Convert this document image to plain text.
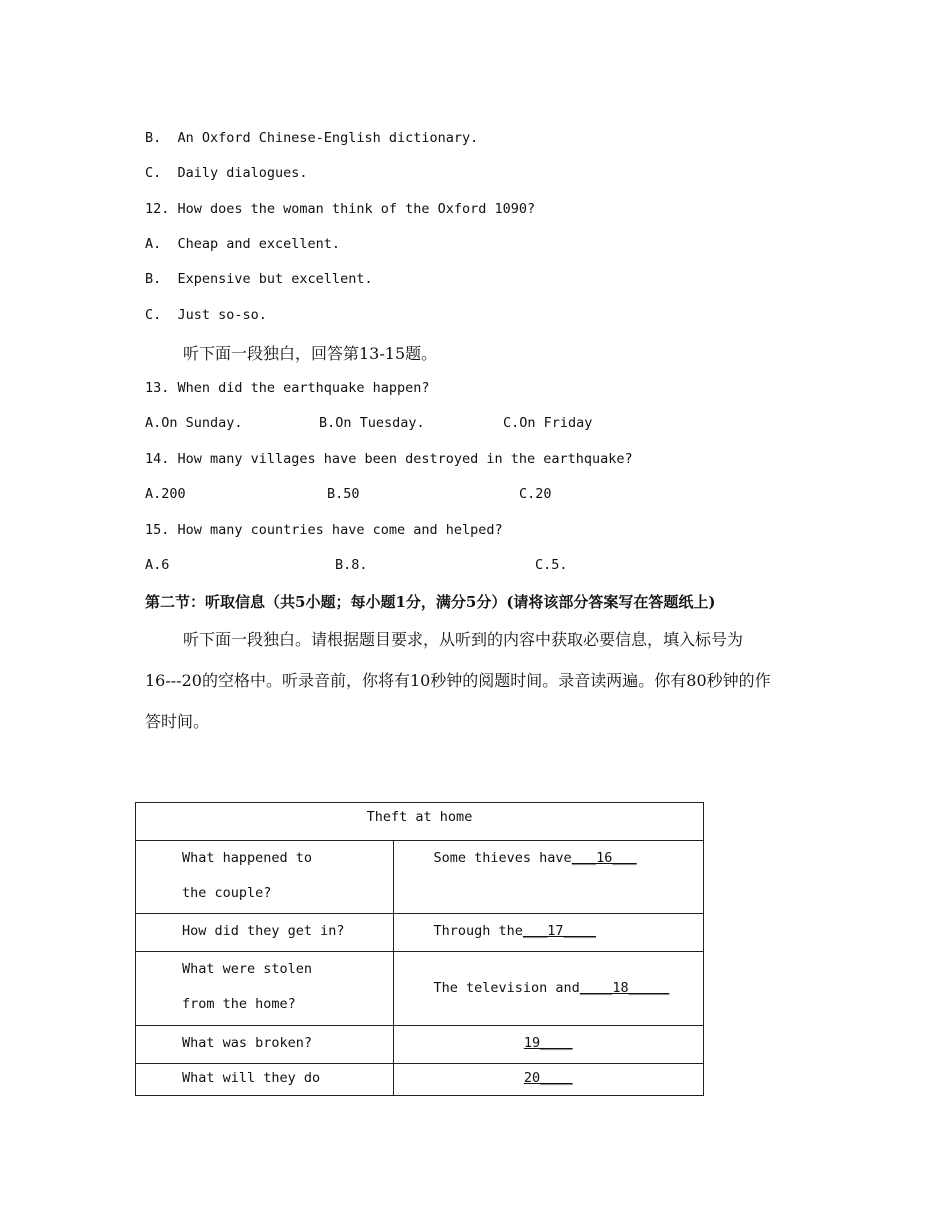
B.  An Oxford Chinese-English dictionary.
C.  Daily dialogues.
12. How does the woman think of the Oxford 1090?
A.  Cheap and excellent.
B.  Expensive but excellent.
C.  Just so-so.
听下面一段独白，回答第13-15题。
13. When did the earthquake happen?
A.On Sunday.	B.On Tuesday.	C.On Friday
14. How many villages have been destroyed in the earthquake?
A.200	B.50	C.20
15. How many countries have come and helped?
A.6	B.8.	C.5.
第二节：听取信息（共5小题；每小题1分，满分5分）(请将该部分答案写在答题纸上)
听下面一段独白。请根据题目要求，从听到的内容中获取必要信息，填入标号为
16---20的空格中。听录音前，你将有10秒钟的阅题时间。录音读两遍。你有80秒钟的作
答时间。
Theft at home	

What happened to
the couple?	Some thieves have___16___

How did they get in?	Through the___17____

What were stolen
from the home?	The television and____18_____

What was broken?	19____

What will they do	20____
